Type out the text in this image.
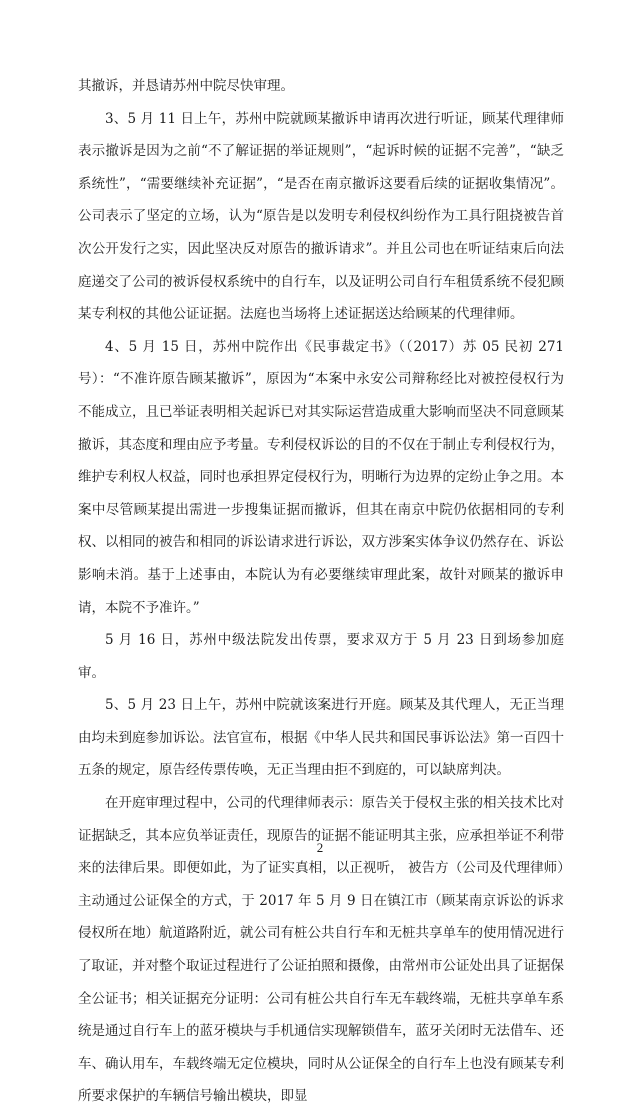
其撤诉，并恳请苏州中院尽快审理。

3、5 月 11 日上午，苏州中院就顾某撤诉申请再次进行听证，顾某代理律师表示撤诉是因为之前“不了解证据的举证规则”，“起诉时候的证据不完善”，“缺乏系统性”，“需要继续补充证据”，“是否在南京撤诉这要看后续的证据收集情况”。公司表示了坚定的立场，认为“原告是以发明专利侵权纠纷作为工具行阻挠被告首次公开发行之实，因此坚决反对原告的撤诉请求”。并且公司也在听证结束后向法庭递交了公司的被诉侵权系统中的自行车，以及证明公司自行车租赁系统不侵犯顾某专利权的其他公证证据。法庭也当场将上述证据送达给顾某的代理律师。

4、5 月 15 日，苏州中院作出《民事裁定书》（（2017）苏 05 民初 271 号）：“不准许原告顾某撤诉”，原因为“本案中永安公司辩称经比对被控侵权行为不能成立，且已举证表明相关起诉已对其实际运营造成重大影响而坚决不同意顾某撤诉，其态度和理由应予考量。专利侵权诉讼的目的不仅在于制止专利侵权行为，维护专利权人权益，同时也承担界定侵权行为，明晰行为边界的定纷止争之用。本案中尽管顾某提出需进一步搜集证据而撤诉，但其在南京中院仍依据相同的专利权、以相同的被告和相同的诉讼请求进行诉讼，双方涉案实体争议仍然存在、诉讼影响未消。基于上述事由，本院认为有必要继续审理此案，故针对顾某的撤诉申请，本院不予准许。”

5 月 16 日，苏州中级法院发出传票，要求双方于 5 月 23 日到场参加庭审。

5、5 月 23 日上午，苏州中院就该案进行开庭。顾某及其代理人，无正当理由均未到庭参加诉讼。法官宣布，根据《中华人民共和国民事诉讼法》第一百四十五条的规定，原告经传票传唤，无正当理由拒不到庭的，可以缺席判决。

在开庭审理过程中，公司的代理律师表示：原告关于侵权主张的相关技术比对证据缺乏，其本应负举证责任，现原告的证据不能证明其主张，应承担举证不利带来的法律后果。即便如此，为了证实真相，以正视听， 被告方（公司及代理律师）主动通过公证保全的方式，于 2017 年 5 月 9 日在镇江市（顾某南京诉讼的诉求侵权所在地）航道路附近，就公司有桩公共自行车和无桩共享单车的使用情况进行了取证，并对整个取证过程进行了公证拍照和摄像，由常州市公证处出具了证据保全公证书；相关证据充分证明：公司有桩公共自行车无车载终端，无桩共享单车系统是通过自行车上的蓝牙模块与手机通信实现解锁借车，蓝牙关闭时无法借车、还车、确认用车，车载终端无定位模块，同时从公证保全的自行车上也没有顾某专利所要求保护的车辆信号输出模块，即显

2
